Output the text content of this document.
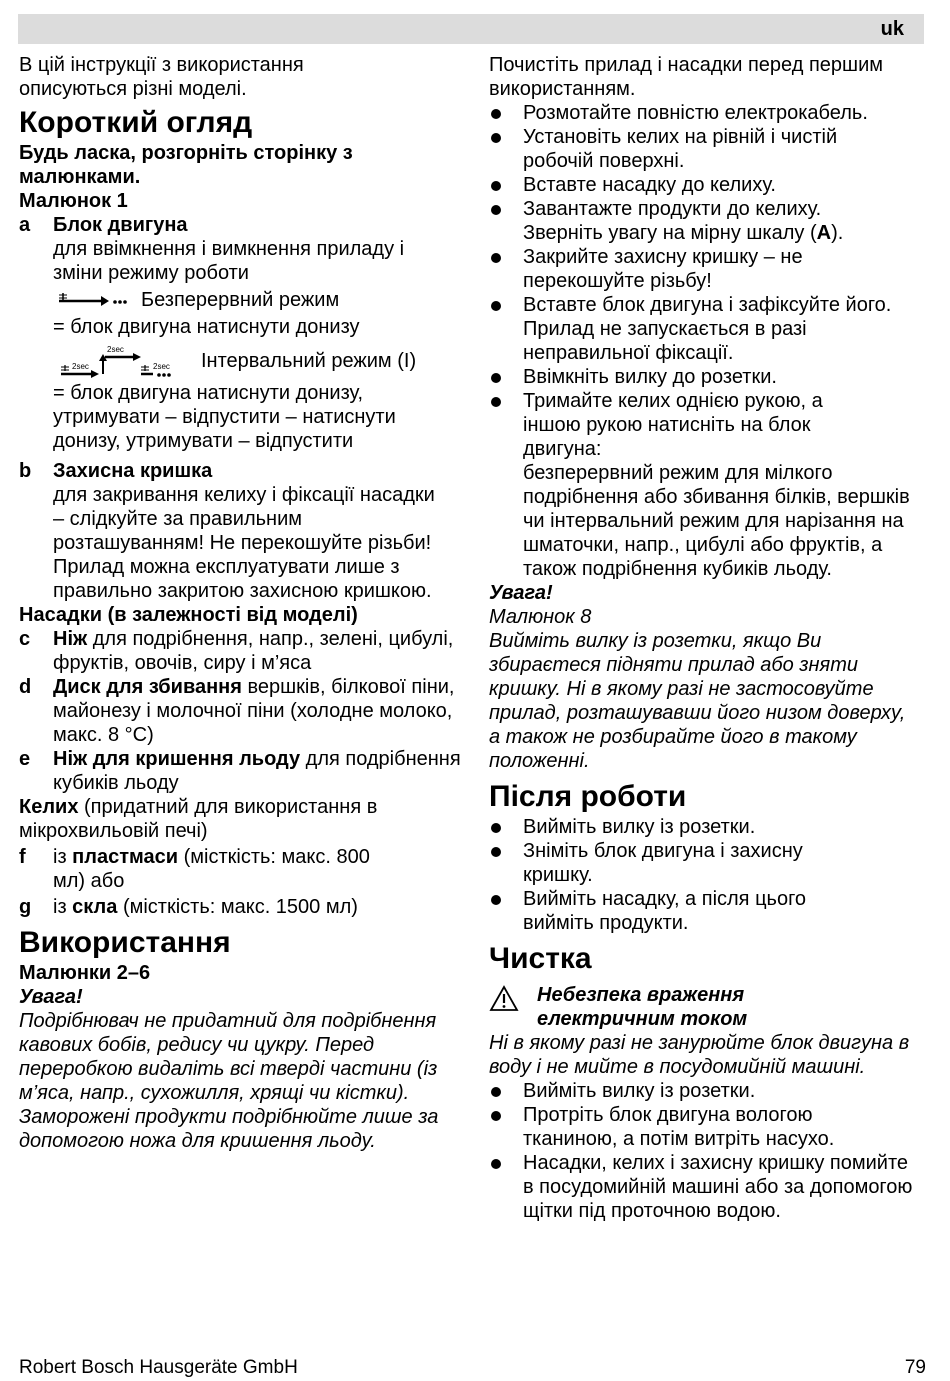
uk

В цій інструкції з використання

описуються різні моделі.

Короткий огляд

Будь ласка, розгорніть сторінку з малюнками.

Малюнок 1

a	Блок двигуна

для ввімкнення і вимкнення приладу і зміни режиму роботи

Безперервний режим

= блок двигуна натиснути донизу

2sec
2sec
2sec Інтервальний режим (I)

= блок двигуна натиснути донизу, утримувати – відпустити – натиснути донизу, утримувати – відпустити

b	Захисна кришка

для закривання келиху і фіксації насадки – слідкуйте за правильним розташуванням! Не перекошуйте різьби!

Прилад можна експлуатувати лише з правильно закритою захисною кришкою.

Насадки (в залежності від моделі)

c	Ніж для подрібнення, напр., зелені, цибулі, фруктів, овочів, сиру і м’яса

d	Диск для збивання вершків, білкової піни, майонезу і молочної піни (холодне молоко, макс. 8 °C)

e	Ніж для кришення льоду для подрібнення кубиків льоду

Келих (придатний для використання в мікрохвильовій печі)

f	із пластмаси (місткість: макс. 800 мл) або

g	із скла (місткість: макс. 1500 мл)

Використання

Малюнки 2–6

Увага!

Подрібнювач не придатний для подрібнення кавових бобів, редису чи цукру. Перед переробкою видаліть всі тверді частини (із м’яса, напр., сухожилля, хрящі чи кістки). Заморожені продукти подрібнюйте лише за допомогою ножа для кришення льоду.

Почистіть прилад і насадки перед першим використанням.

Розмотайте повністю електрокабель.

Установіть келих на рівній і чистій робочій поверхні.

Вставте насадку до келиху.

Завантажте продукти до келиху. Зверніть увагу на мірну шкалу (A).

Закрийте захисну кришку – не перекошуйте різьбу!

Вставте блок двигуна і зафіксуйте його.

Прилад не запускається в разі неправильної фіксації.

Ввімкніть вилку до розетки.

Тримайте келих однією рукою, а іншою рукою натисніть на блок двигуна:

безперервний режим для мілкого подрібнення або збивання білків, вершків чи інтервальний режим для нарізання на шматочки, напр., цибулі або фруктів, а також подрібнення кубиків льоду.

Увага!

Малюнок 8

Вийміть вилку із розетки, якщо Ви збираєтеся підняти прилад або зняти кришку. Ні в якому разі не застосовуйте прилад, розташувавши його низом доверху, а також не розбирайте його в такому положенні.

Після роботи

Вийміть вилку із розетки.

Зніміть блок двигуна і захисну кришку.

Вийміть насадку, а після цього вийміть продукти.

Чистка

Небезпека враження електричним током

Ні в якому разі не занурюйте блок двигуна в воду і не мийте в посудомийній машині.

Вийміть вилку із розетки.

Протріть блок двигуна вологою тканиною, а потім витріть насухо.

Насадки, келих і захисну кришку помийте в посудомийній машині або за допомогою щітки під проточною водою.

Robert Bosch Hausgeräte GmbH	79
